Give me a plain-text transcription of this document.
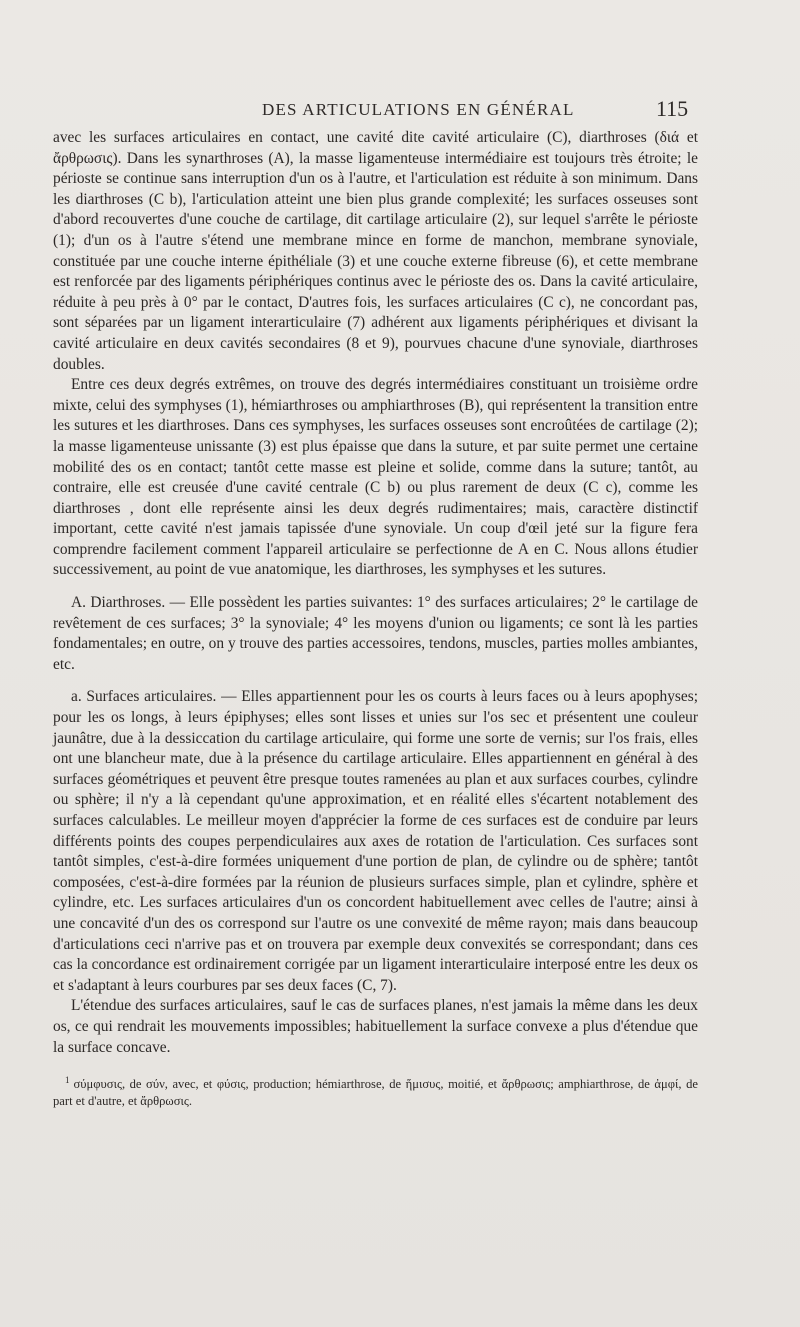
DES ARTICULATIONS EN GÉNÉRAL	115

avec les surfaces articulaires en contact, une cavité dite cavité articulaire (C), diarthroses (διά et ἄρθρωσις). Dans les synarthroses (A), la masse ligamenteuse intermédiaire est toujours très étroite; le périoste se continue sans interruption d'un os à l'autre, et l'articulation est réduite à son minimum. Dans les diarthroses (C b), l'articulation atteint une bien plus grande complexité; les surfaces osseuses sont d'abord recouvertes d'une couche de cartilage, dit cartilage articulaire (2), sur lequel s'arrête le périoste (1); d'un os à l'autre s'étend une membrane mince en forme de manchon, membrane synoviale, constituée par une couche interne épithéliale (3) et une couche externe fibreuse (6), et cette membrane est renforcée par des ligaments périphériques continus avec le périoste des os. Dans la cavité articulaire, réduite à peu près à 0° par le contact, D'autres fois, les surfaces articulaires (C c), ne concordant pas, sont séparées par un ligament interarticulaire (7) adhérent aux ligaments périphériques et divisant la cavité articulaire en deux cavités secondaires (8 et 9), pourvues chacune d'une synoviale, diarthroses doubles.

Entre ces deux degrés extrêmes, on trouve des degrés intermédiaires constituant un troisième ordre mixte, celui des symphyses (1), hémiarthroses ou amphiarthroses (B), qui représentent la transition entre les sutures et les diarthroses. Dans ces symphyses, les surfaces osseuses sont encroûtées de cartilage (2); la masse ligamenteuse unissante (3) est plus épaisse que dans la suture, et par suite permet une certaine mobilité des os en contact; tantôt cette masse est pleine et solide, comme dans la suture; tantôt, au contraire, elle est creusée d'une cavité centrale (C b) ou plus rarement de deux (C c), comme les diarthroses , dont elle représente ainsi les deux degrés rudimentaires; mais, caractère distinctif important, cette cavité n'est jamais tapissée d'une synoviale. Un coup d'œil jeté sur la figure fera comprendre facilement comment l'appareil articulaire se perfectionne de A en C. Nous allons étudier successivement, au point de vue anatomique, les diarthroses, les symphyses et les sutures.

A. Diarthroses. — Elle possèdent les parties suivantes: 1° des surfaces articulaires; 2° le cartilage de revêtement de ces surfaces; 3° la synoviale; 4° les moyens d'union ou ligaments; ce sont là les parties fondamentales; en outre, on y trouve des parties accessoires, tendons, muscles, parties molles ambiantes, etc.

a. Surfaces articulaires. — Elles appartiennent pour les os courts à leurs faces ou à leurs apophyses; pour les os longs, à leurs épiphyses; elles sont lisses et unies sur l'os sec et présentent une couleur jaunâtre, due à la dessiccation du cartilage articulaire, qui forme une sorte de vernis; sur l'os frais, elles ont une blancheur mate, due à la présence du cartilage articulaire. Elles appartiennent en général à des surfaces géométriques et peuvent être presque toutes ramenées au plan et aux surfaces courbes, cylindre ou sphère; il n'y a là cependant qu'une approximation, et en réalité elles s'écartent notablement des surfaces calculables. Le meilleur moyen d'apprécier la forme de ces surfaces est de conduire par leurs différents points des coupes perpendiculaires aux axes de rotation de l'articulation. Ces surfaces sont tantôt simples, c'est-à-dire formées uniquement d'une portion de plan, de cylindre ou de sphère; tantôt composées, c'est-à-dire formées par la réunion de plusieurs surfaces simple, plan et cylindre, sphère et cylindre, etc. Les surfaces articulaires d'un os concordent habituellement avec celles de l'autre; ainsi à une concavité d'un des os correspond sur l'autre os une convexité de même rayon; mais dans beaucoup d'articulations ceci n'arrive pas et on trouvera par exemple deux convexités se correspondant; dans ces cas la concordance est ordinairement corrigée par un ligament interarticulaire interposé entre les deux os et s'adaptant à leurs courbures par ses deux faces (C, 7).

L'étendue des surfaces articulaires, sauf le cas de surfaces planes, n'est jamais la même dans les deux os, ce qui rendrait les mouvements impossibles; habituellement la surface convexe a plus d'étendue que la surface concave.

$^1$ σύμφυσις, de σύν, avec, et φύσις, production; hémiarthrose, de ἥμισυς, moitié, et ἄρθρωσις; amphiarthrose, de ἀμφί, de part et d'autre, et ἄρθρωσις.
